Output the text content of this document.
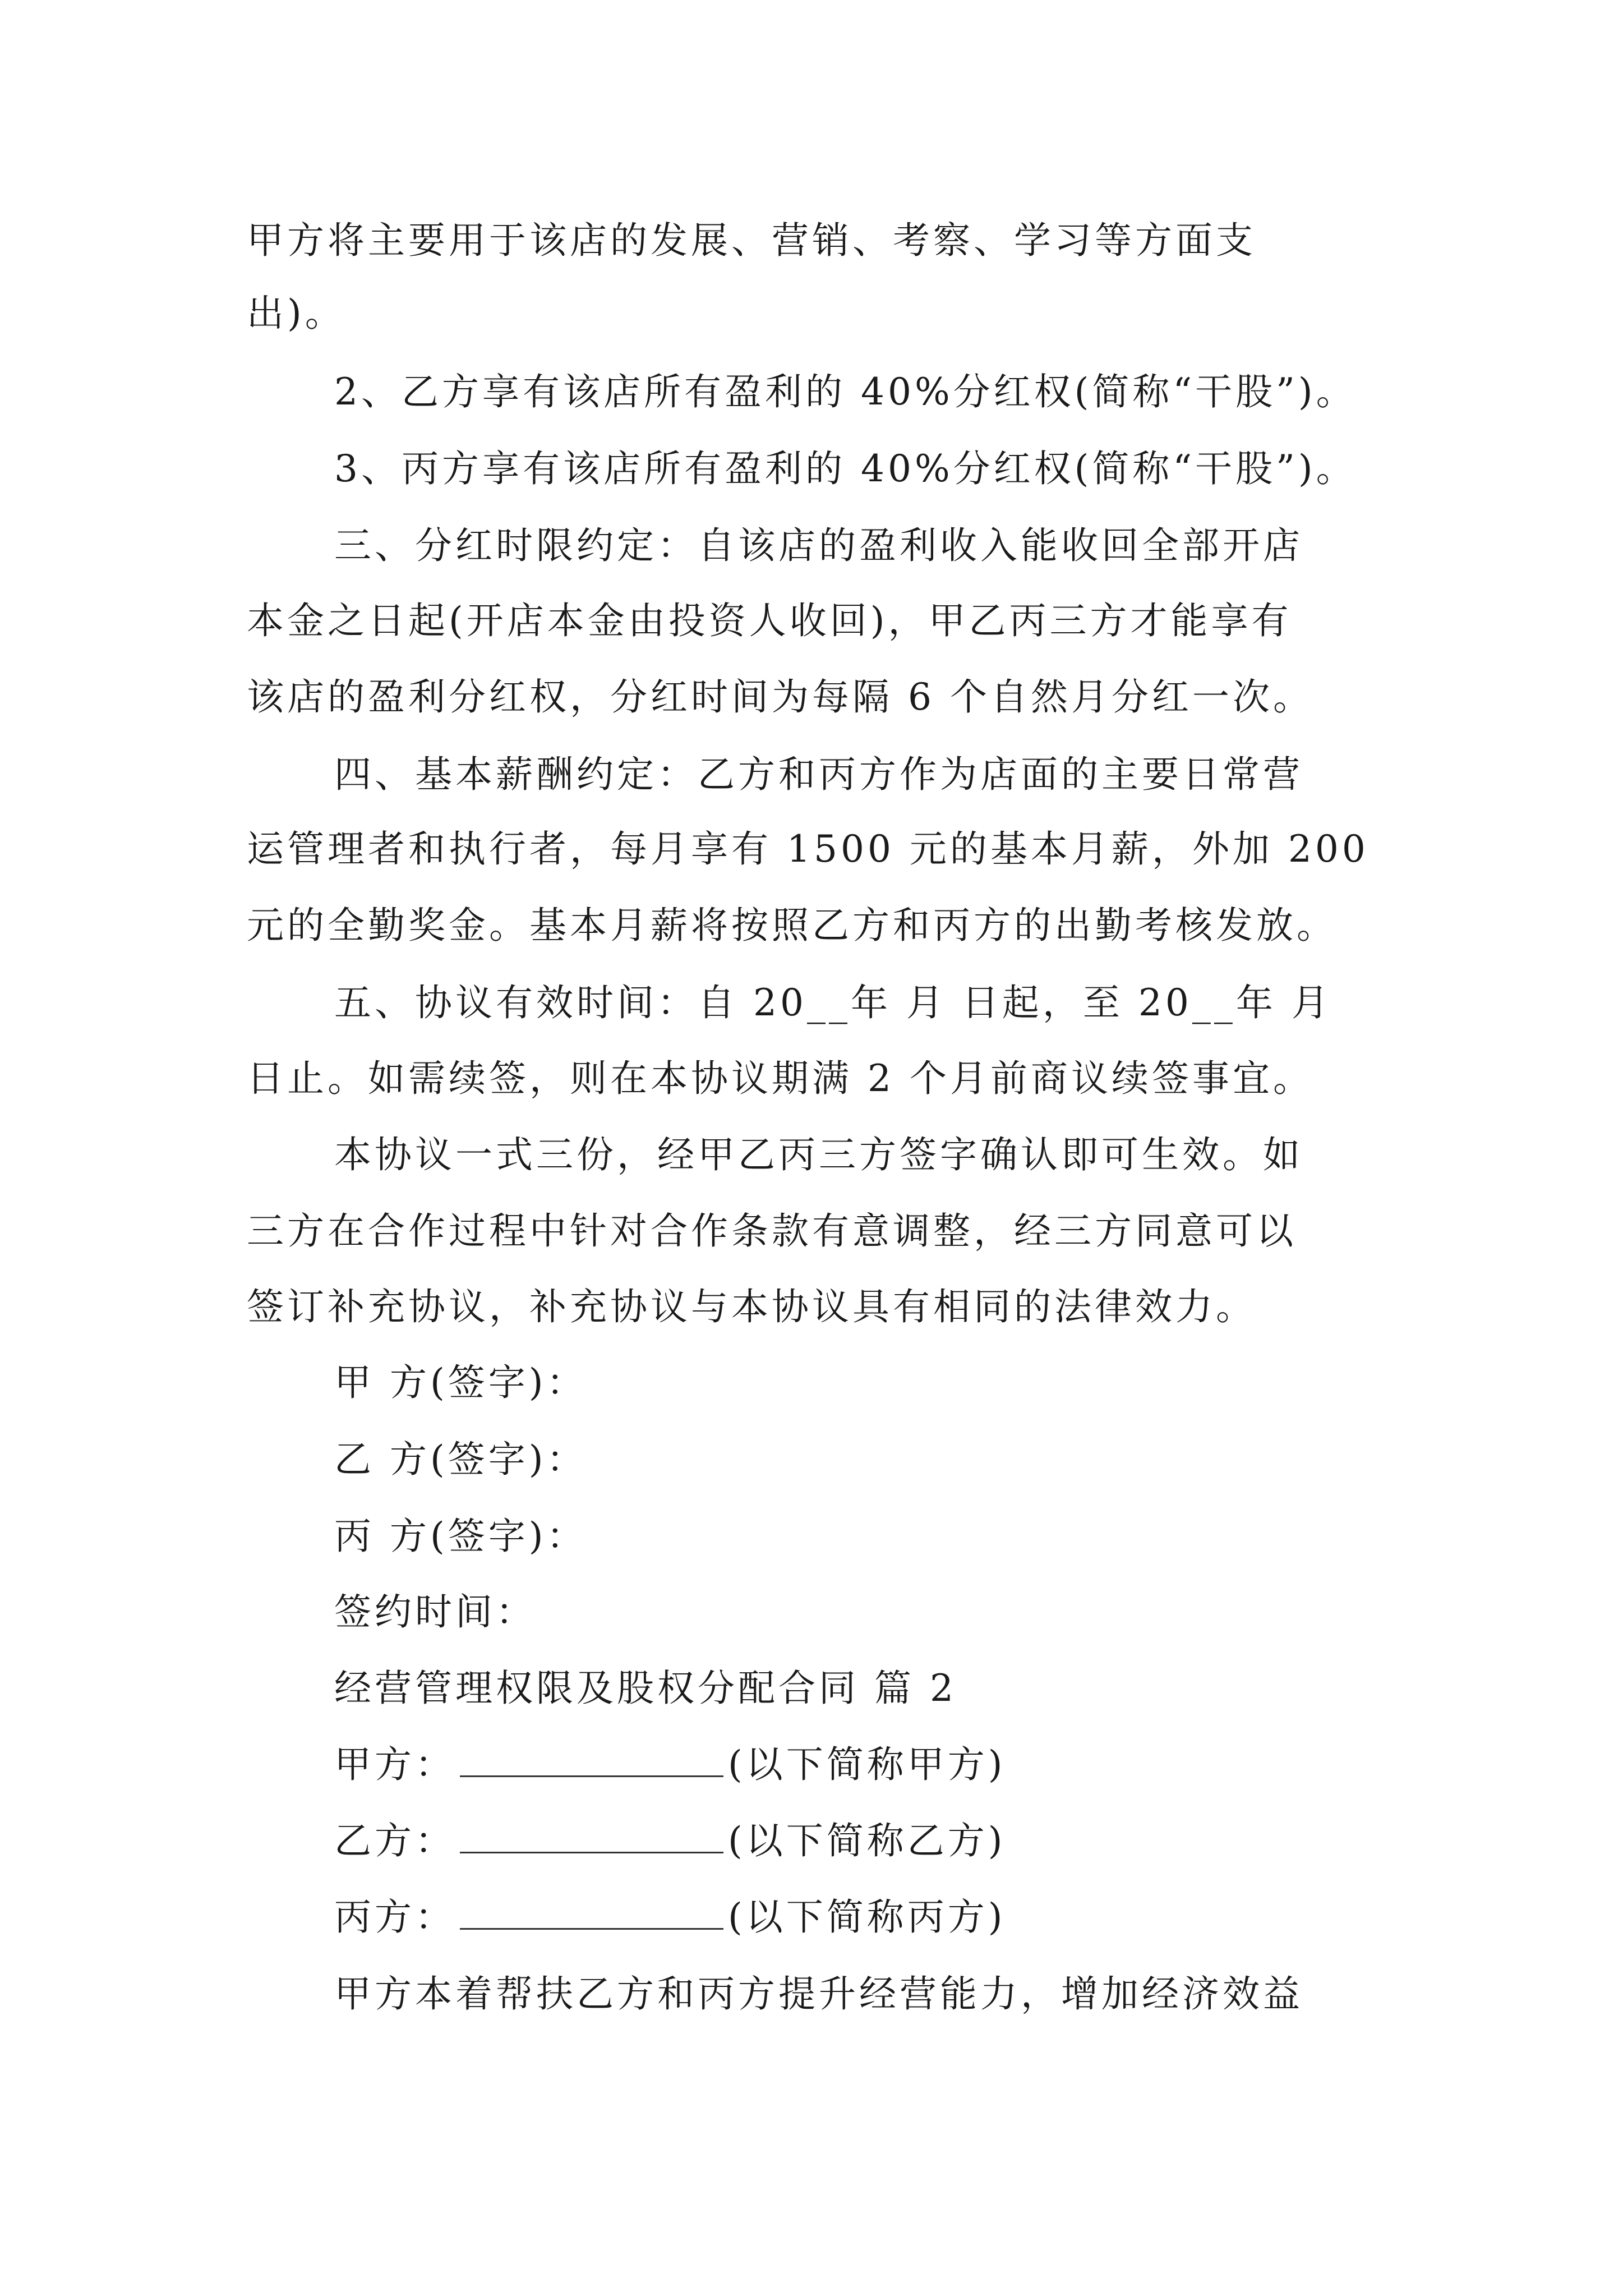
甲方将主要用于该店的发展、营销、考察、学习等方面支
出)。
2、乙方享有该店所有盈利的 40%分红权(简称“干股”)。
3、丙方享有该店所有盈利的 40%分红权(简称“干股”)。
三、分红时限约定：自该店的盈利收入能收回全部开店
本金之日起(开店本金由投资人收回)，甲乙丙三方才能享有
该店的盈利分红权，分红时间为每隔 6 个自然月分红一次。
四、基本薪酬约定：乙方和丙方作为店面的主要日常营
运管理者和执行者，每月享有 1500 元的基本月薪，外加 200
元的全勤奖金。基本月薪将按照乙方和丙方的出勤考核发放。
五、协议有效时间：自 20__年 月 日起，至 20__年 月
日止。如需续签，则在本协议期满 2 个月前商议续签事宜。
本协议一式三份，经甲乙丙三方签字确认即可生效。如
三方在合作过程中针对合作条款有意调整，经三方同意可以
签订补充协议，补充协议与本协议具有相同的法律效力。
甲 方(签字)：
乙 方(签字)：
丙 方(签字)：
签约时间：
经营管理权限及股权分配合同 篇 2
甲方：	(以下简称甲方)
乙方：	(以下简称乙方)
丙方：	(以下简称丙方)
甲方本着帮扶乙方和丙方提升经营能力，增加经济效益
